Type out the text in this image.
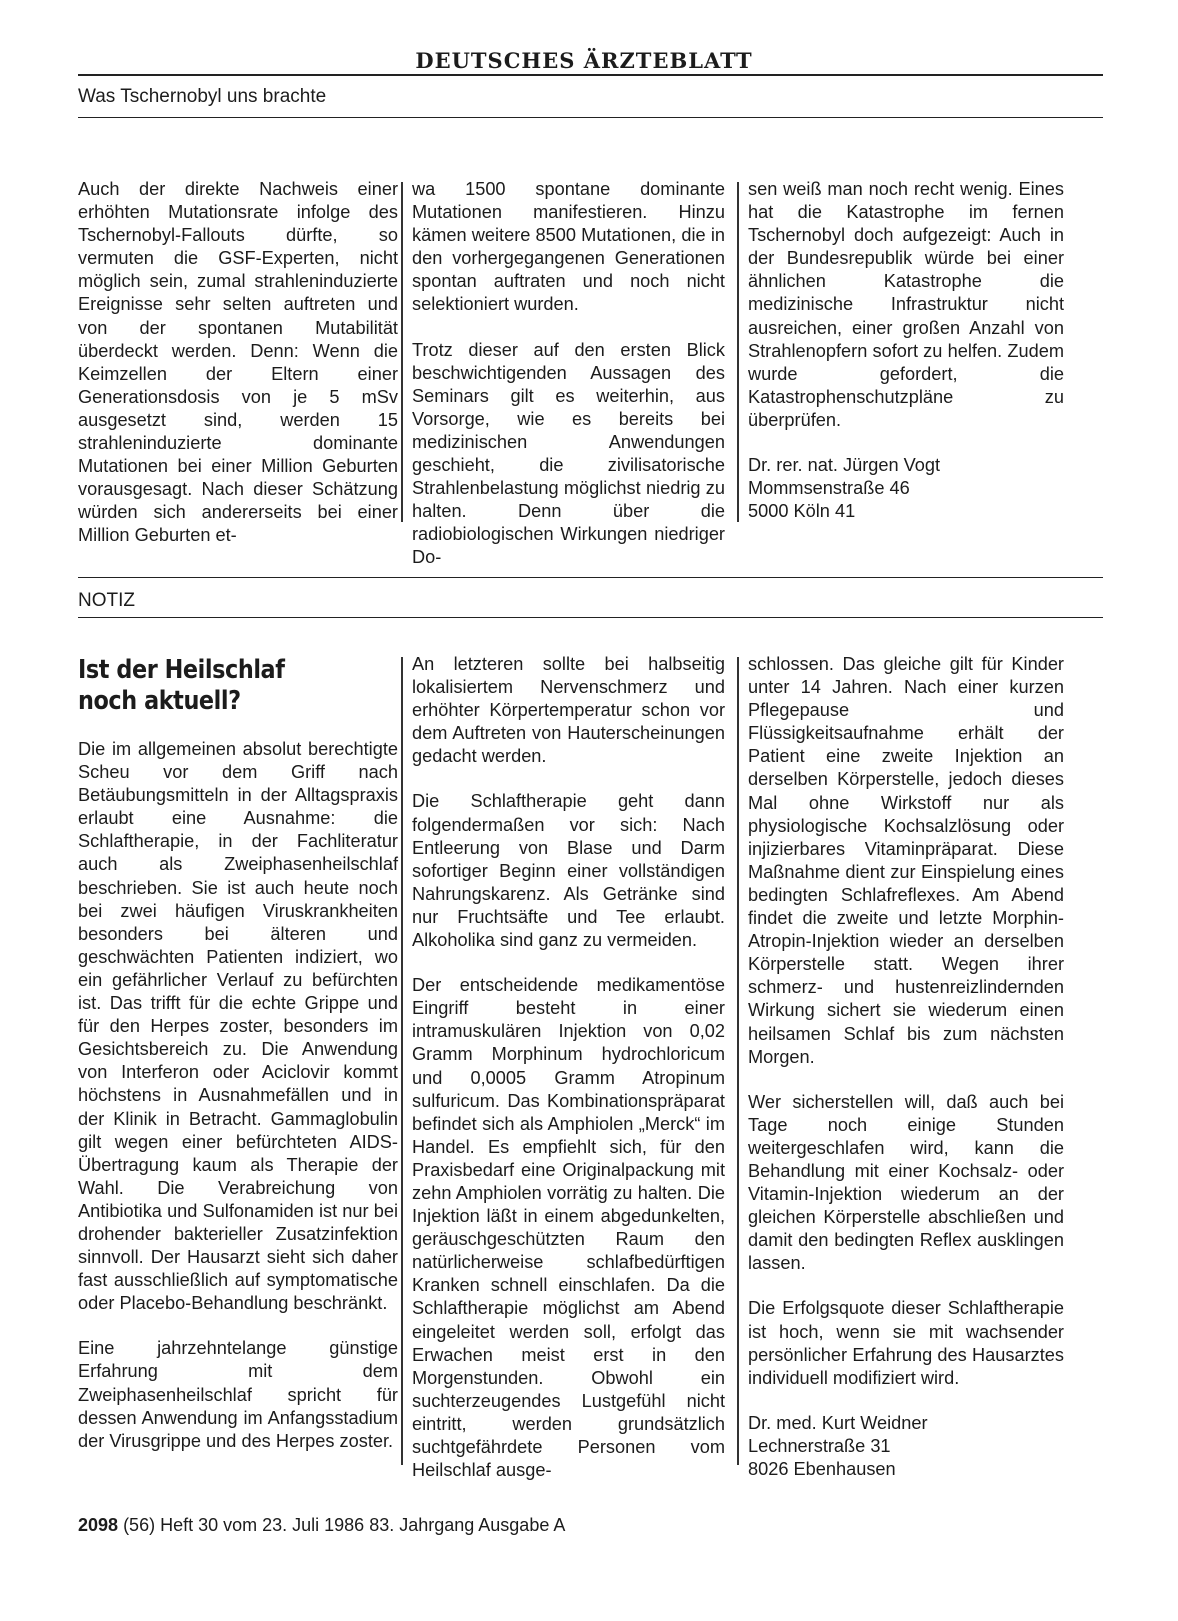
DEUTSCHES ÄRZTEBLATT
Was Tschernobyl uns brachte

Auch der direkte Nachweis einer erhöhten Mutationsrate infolge des Tschernobyl-Fallouts dürfte, so vermuten die GSF-Experten, nicht möglich sein, zumal strahleninduzierte Ereignisse sehr selten auftreten und von der spontanen Mutabilität überdeckt werden. Denn: Wenn die Keimzellen der Eltern einer Generationsdosis von je 5 mSv ausgesetzt sind, werden 15 strahleninduzierte dominante Mutationen bei einer Million Geburten vorausgesagt. Nach dieser Schätzung würden sich andererseits bei einer Million Geburten et-

wa 1500 spontane dominante Mutationen manifestieren. Hinzu kämen weitere 8500 Mutationen, die in den vorhergegangenen Generationen spontan auftraten und noch nicht selektioniert wurden.

Trotz dieser auf den ersten Blick beschwichtigenden Aussagen des Seminars gilt es weiterhin, aus Vorsorge, wie es bereits bei medizinischen Anwendungen geschieht, die zivilisatorische Strahlenbelastung möglichst niedrig zu halten. Denn über die radiobiologischen Wirkungen niedriger Do-

sen weiß man noch recht wenig. Eines hat die Katastrophe im fernen Tschernobyl doch aufgezeigt: Auch in der Bundesrepublik würde bei einer ähnlichen Katastrophe die medizinische Infrastruktur nicht ausreichen, einer großen Anzahl von Strahlenopfern sofort zu helfen. Zudem wurde gefordert, die Katastrophenschutzpläne zu überprüfen.

Dr. rer. nat. Jürgen Vogt
Mommsenstraße 46
5000 Köln 41
NOTIZ
Ist der Heilschlaf
noch aktuell?

Die im allgemeinen absolut berechtigte Scheu vor dem Griff nach Betäubungsmitteln in der Alltagspraxis erlaubt eine Ausnahme: die Schlaftherapie, in der Fachliteratur auch als Zweiphasenheilschlaf beschrieben. Sie ist auch heute noch bei zwei häufigen Viruskrankheiten besonders bei älteren und geschwächten Patienten indiziert, wo ein gefährlicher Verlauf zu befürchten ist. Das trifft für die echte Grippe und für den Herpes zoster, besonders im Gesichtsbereich zu. Die Anwendung von Interferon oder Aciclovir kommt höchstens in Ausnahmefällen und in der Klinik in Betracht. Gammaglobulin gilt wegen einer befürchteten AIDS-Übertragung kaum als Therapie der Wahl. Die Verabreichung von Antibiotika und Sulfonamiden ist nur bei drohender bakterieller Zusatzinfektion sinnvoll. Der Hausarzt sieht sich daher fast ausschließlich auf symptomatische oder Placebo-Behandlung beschränkt.

Eine jahrzehntelange günstige Erfahrung mit dem Zweiphasenheilschlaf spricht für dessen Anwendung im Anfangsstadium der Virusgrippe und des Herpes zoster.

An letzteren sollte bei halbseitig lokalisiertem Nervenschmerz und erhöhter Körpertemperatur schon vor dem Auftreten von Hauterscheinungen gedacht werden.

Die Schlaftherapie geht dann folgendermaßen vor sich: Nach Entleerung von Blase und Darm sofortiger Beginn einer vollständigen Nahrungskarenz. Als Getränke sind nur Fruchtsäfte und Tee erlaubt. Alkoholika sind ganz zu vermeiden.

Der entscheidende medikamentöse Eingriff besteht in einer intramuskulären Injektion von 0,02 Gramm Morphinum hydrochloricum und 0,0005 Gramm Atropinum sulfuricum. Das Kombinationspräparat befindet sich als Amphiolen „Merck“ im Handel. Es empfiehlt sich, für den Praxisbedarf eine Originalpackung mit zehn Amphiolen vorrätig zu halten. Die Injektion läßt in einem abgedunkelten, geräuschgeschützten Raum den natürlicherweise schlafbedürftigen Kranken schnell einschlafen. Da die Schlaftherapie möglichst am Abend eingeleitet werden soll, erfolgt das Erwachen meist erst in den Morgenstunden. Obwohl ein suchterzeugendes Lustgefühl nicht eintritt, werden grundsätzlich suchtgefährdete Personen vom Heilschlaf ausge-

schlossen. Das gleiche gilt für Kinder unter 14 Jahren. Nach einer kurzen Pflegepause und Flüssigkeitsaufnahme erhält der Patient eine zweite Injektion an derselben Körperstelle, jedoch dieses Mal ohne Wirkstoff nur als physiologische Kochsalzlösung oder injizierbares Vitaminpräparat. Diese Maßnahme dient zur Einspielung eines bedingten Schlafreflexes. Am Abend findet die zweite und letzte Morphin-Atropin-Injektion wieder an derselben Körperstelle statt. Wegen ihrer schmerz- und hustenreizlindernden Wirkung sichert sie wiederum einen heilsamen Schlaf bis zum nächsten Morgen.

Wer sicherstellen will, daß auch bei Tage noch einige Stunden weitergeschlafen wird, kann die Behandlung mit einer Kochsalz- oder Vitamin-Injektion wiederum an der gleichen Körperstelle abschließen und damit den bedingten Reflex ausklingen lassen.

Die Erfolgsquote dieser Schlaftherapie ist hoch, wenn sie mit wachsender persönlicher Erfahrung des Hausarztes individuell modifiziert wird.

Dr. med. Kurt Weidner
Lechnerstraße 31
8026 Ebenhausen
2098 (56) Heft 30 vom 23. Juli 1986 83. Jahrgang Ausgabe A
